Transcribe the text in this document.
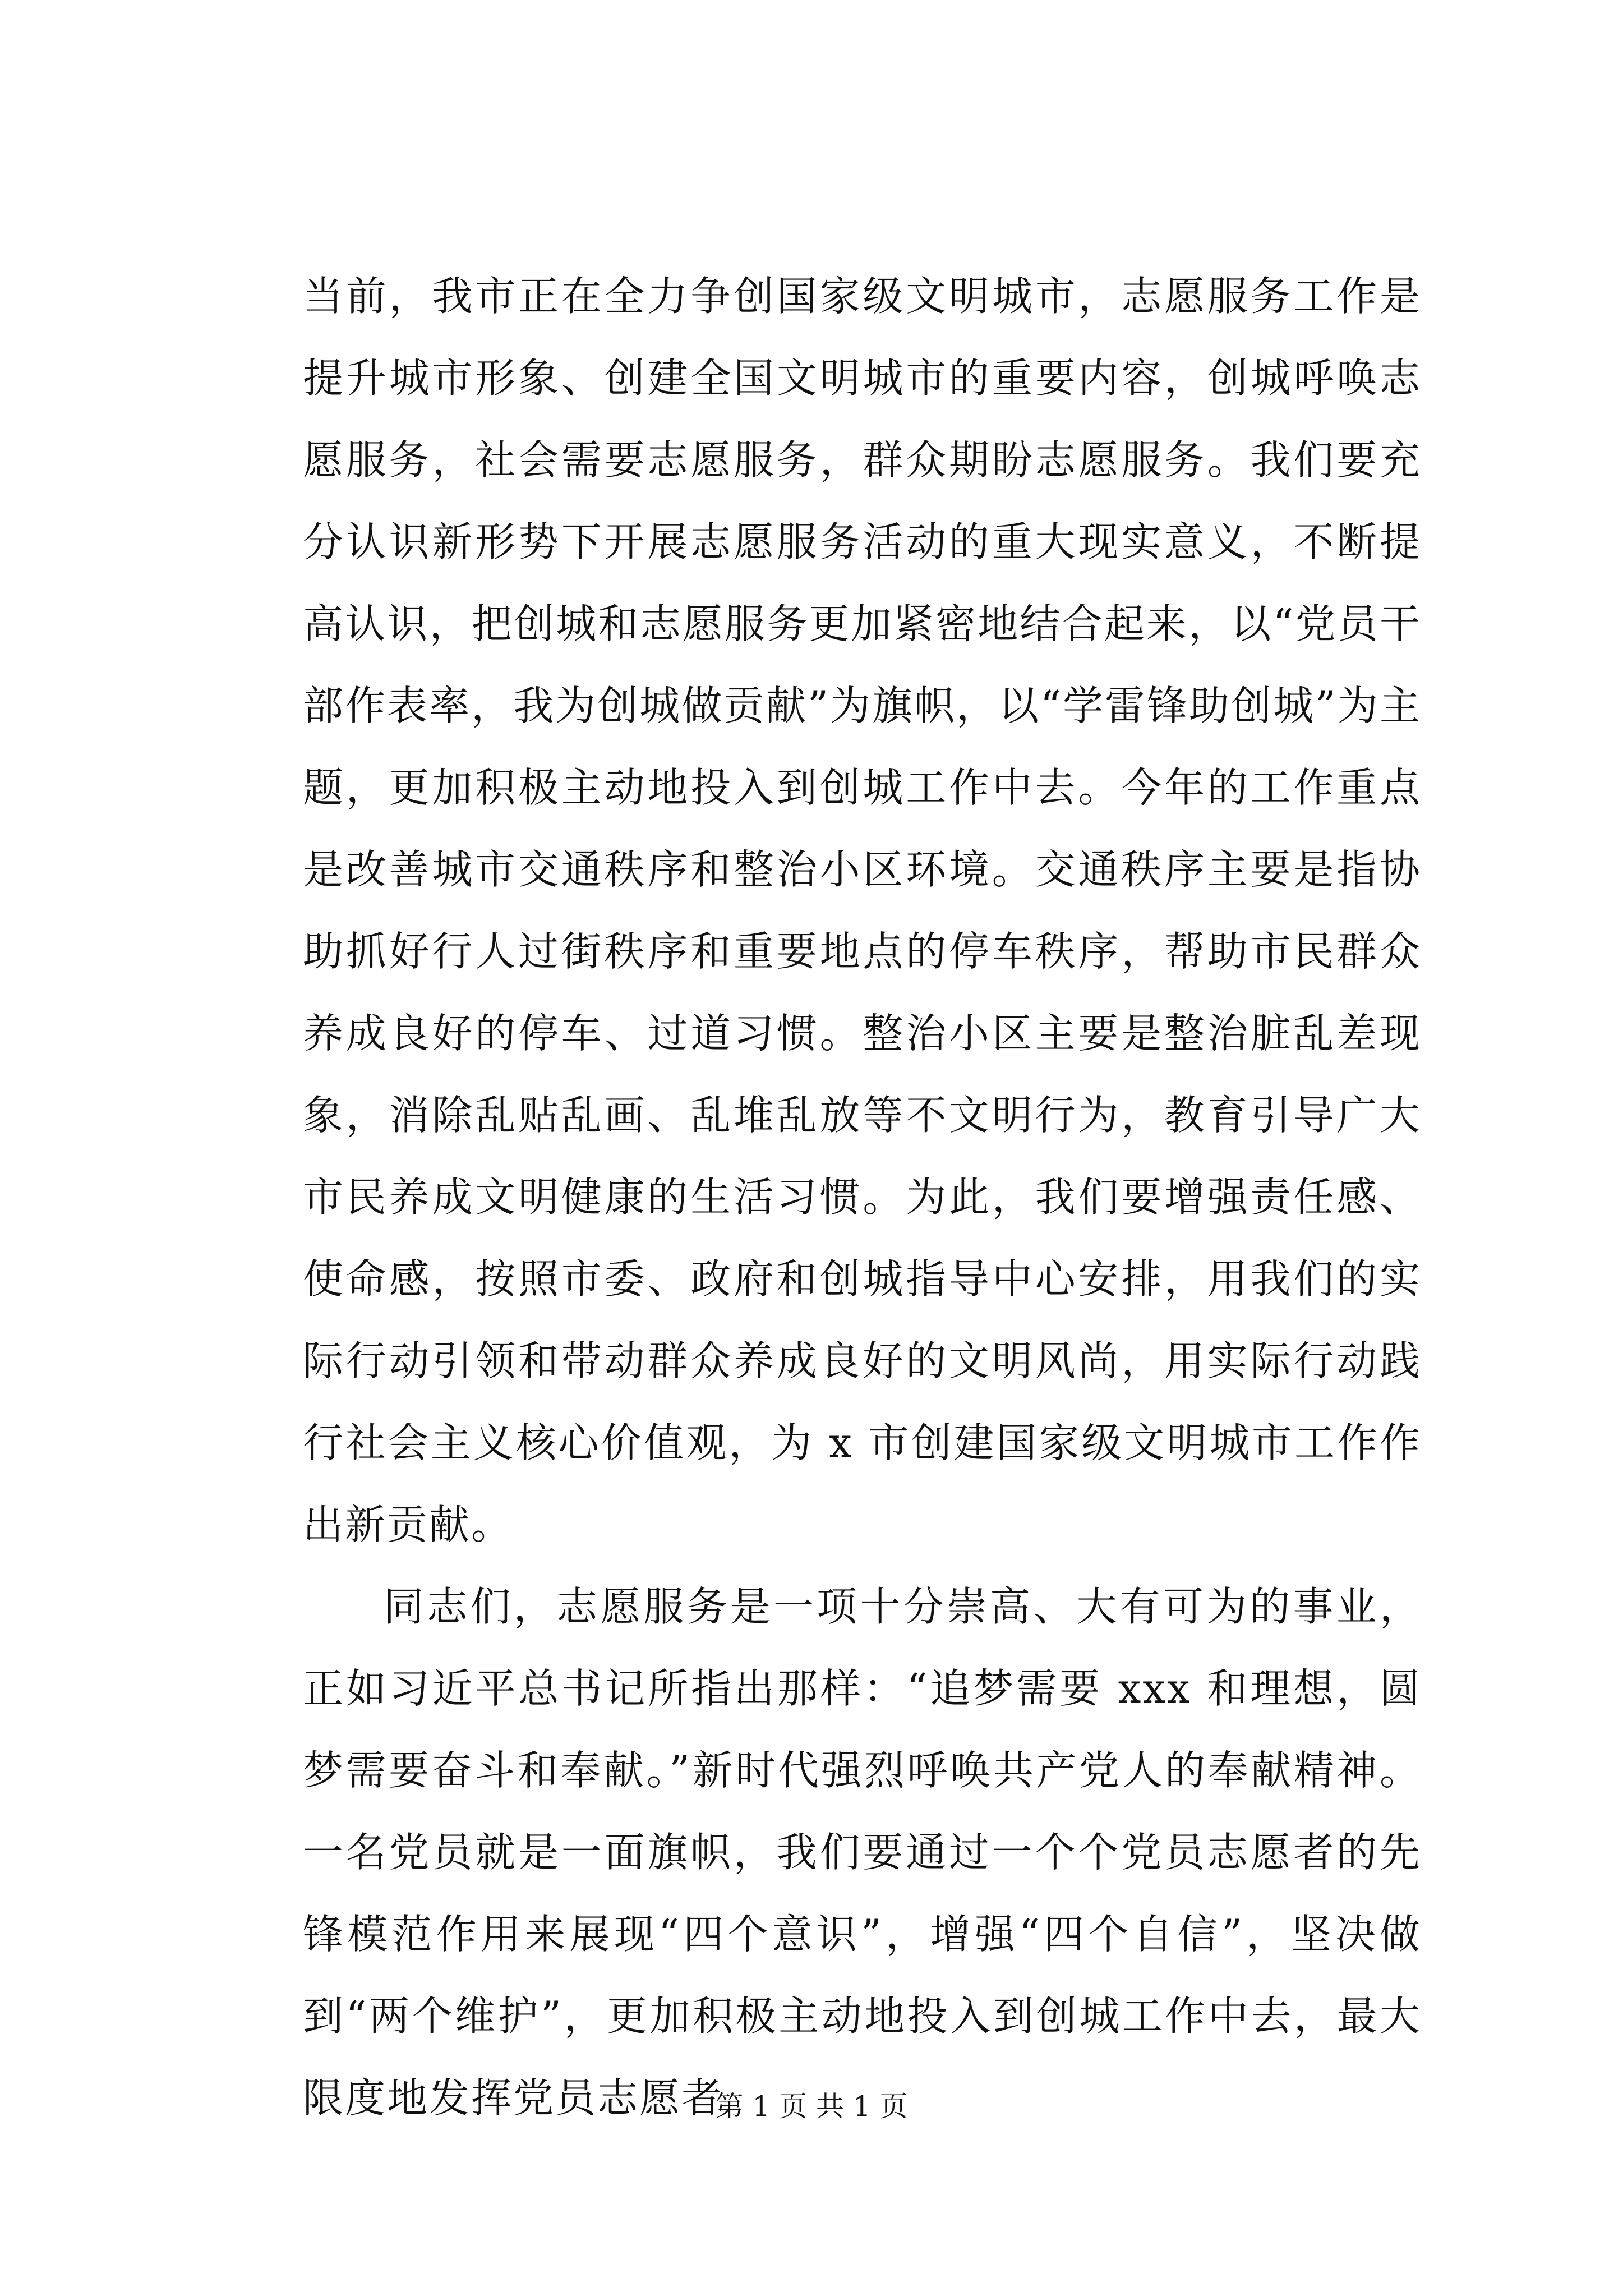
当前，我市正在全力争创国家级文明城市，志愿服务工作是提升城市形象、创建全国文明城市的重要内容，创城呼唤志愿服务，社会需要志愿服务，群众期盼志愿服务。我们要充分认识新形势下开展志愿服务活动的重大现实意义，不断提高认识，把创城和志愿服务更加紧密地结合起来，以“党员干部作表率，我为创城做贡献”为旗帜，以“学雷锋助创城”为主题，更加积极主动地投入到创城工作中去。今年的工作重点是改善城市交通秩序和整治小区环境。交通秩序主要是指协助抓好行人过街秩序和重要地点的停车秩序，帮助市民群众养成良好的停车、过道习惯。整治小区主要是整治脏乱差现象，消除乱贴乱画、乱堆乱放等不文明行为，教育引导广大市民养成文明健康的生活习惯。为此，我们要增强责任感、使命感，按照市委、政府和创城指导中心安排，用我们的实际行动引领和带动群众养成良好的文明风尚，用实际行动践行社会主义核心价值观，为 x 市创建国家级文明城市工作作出新贡献。

同志们，志愿服务是一项十分崇高、大有可为的事业，正如习近平总书记所指出那样：“追梦需要 xxx 和理想，圆梦需要奋斗和奉献。”新时代强烈呼唤共产党人的奉献精神。一名党员就是一面旗帜，我们要通过一个个党员志愿者的先锋模范作用来展现“四个意识”，增强“四个自信”，坚决做到“两个维护”，更加积极主动地投入到创城工作中去，最大限度地发挥党员志愿者

第 1 页 共 1 页
